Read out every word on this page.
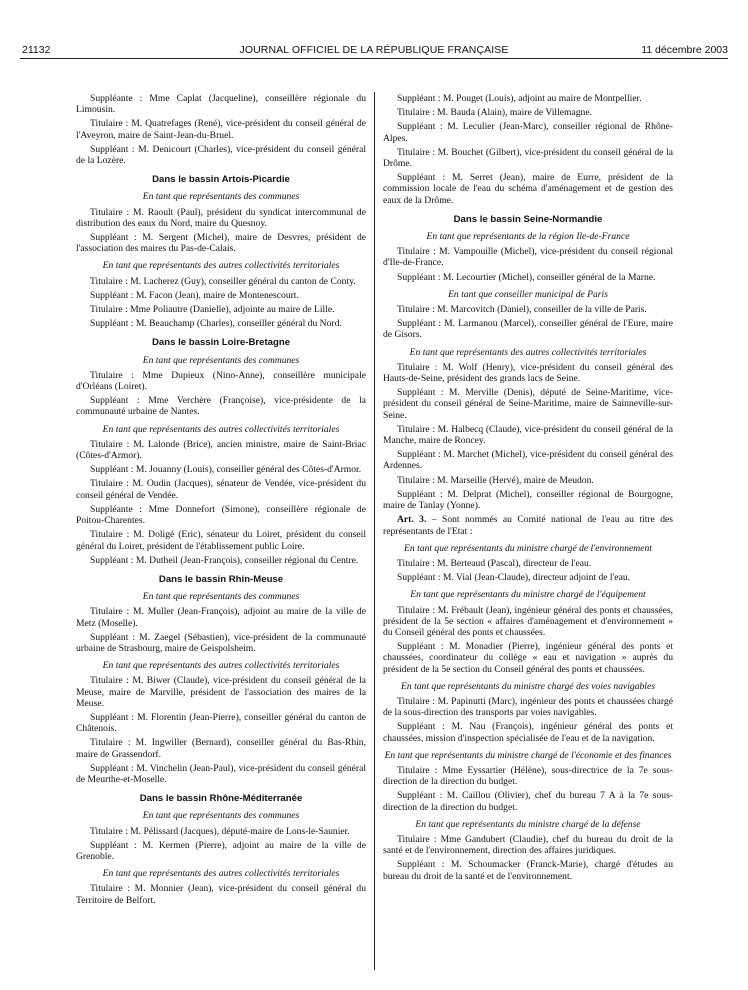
21132	JOURNAL OFFICIEL DE LA RÉPUBLIQUE FRANÇAISE	11 décembre 2003
Suppléante : Mme Caplat (Jacqueline), conseillère régionale du Limousin.
Titulaire : M. Quatrefages (René), vice-président du conseil général de l'Aveyron, maire de Saint-Jean-du-Bruel.
Suppléant : M. Denicourt (Charles), vice-président du conseil général de la Lozère.
Dans le bassin Artois-Picardie
En tant que représentants des communes
Titulaire : M. Raoult (Paul), président du syndicat intercommunal de distribution des eaux du Nord, maire du Quesnoy.
Suppléant : M. Sergent (Michel), maire de Desvres, président de l'association des maires du Pas-de-Calais.
En tant que représentants des autres collectivités territoriales
Titulaire : M. Lacherez (Guy), conseiller général du canton de Conty.
Suppléant : M. Facon (Jean), maire de Montenescourt.
Titulaire : Mme Poliautre (Danielle), adjointe au maire de Lille.
Suppléant : M. Beauchamp (Charles), conseiller général du Nord.
Dans le bassin Loire-Bretagne
En tant que représentants des communes
Titulaire : Mme Dupieux (Nino-Anne), conseillère municipale d'Orléans (Loiret).
Suppléant : Mme Verchère (Françoise), vice-présidente de la communauté urbaine de Nantes.
En tant que représentants des autres collectivités territoriales
Titulaire : M. Lalonde (Brice), ancien ministre, maire de Saint-Briac (Côtes-d'Armor).
Suppléant : M. Jouanny (Louis), conseiller général des Côtes-d'Armor.
Titulaire : M. Oudin (Jacques), sénateur de Vendée, vice-président du conseil général de Vendée.
Suppléante : Mme Donnefort (Simone), conseillère régionale de Poitou-Charentes.
Titulaire : M. Doligé (Eric), sénateur du Loiret, président du conseil général du Loiret, président de l'établissement public Loire.
Suppléant : M. Dutheil (Jean-François), conseiller régional du Centre.
Dans le bassin Rhin-Meuse
En tant que représentants des communes
Titulaire : M. Muller (Jean-François), adjoint au maire de la ville de Metz (Moselle).
Suppléant : M. Zaegel (Sébastien), vice-président de la communauté urbaine de Strasbourg, maire de Geispolsheim.
En tant que représentants des autres collectivités territoriales
Titulaire : M. Biwer (Claude), vice-président du conseil général de la Meuse, maire de Marville, président de l'association des maires de la Meuse.
Suppléant : M. Florentin (Jean-Pierre), conseiller général du canton de Châtenois.
Titulaire : M. Ingwiller (Bernard), conseiller général du Bas-Rhin, maire de Grassendorf.
Suppléant : M. Vinchelin (Jean-Paul), vice-président du conseil général de Meurthe-et-Moselle.
Dans le bassin Rhône-Méditerranée
En tant que représentants des communes
Titulaire : M. Pélissard (Jacques), député-maire de Lons-le-Saunier.
Suppléant : M. Kermen (Pierre), adjoint au maire de la ville de Grenoble.
En tant que représentants des autres collectivités territoriales
Titulaire : M. Monnier (Jean), vice-président du conseil général du Territoire de Belfort.
Suppléant : M. Pouget (Louis), adjoint au maire de Montpellier.
Titulaire : M. Bauda (Alain), maire de Villemagne.
Suppléant : M. Leculier (Jean-Marc), conseiller régional de Rhône-Alpes.
Titulaire : M. Bouchet (Gilbert), vice-président du conseil général de la Drôme.
Suppléant : M. Serret (Jean), maire de Eurre, président de la commission locale de l'eau du schéma d'aménagement et de gestion des eaux de la Drôme.
Dans le bassin Seine-Normandie
En tant que représentants de la région Ile-de-France
Titulaire : M. Vampouille (Michel), vice-président du conseil régional d'Ile-de-France.
Suppléant : M. Lecourtier (Michel), conseiller général de la Marne.
En tant que conseiller municipal de Paris
Titulaire : M. Marcovitch (Daniel), conseiller de la ville de Paris.
Suppléant : M. Larmanou (Marcel), conseiller général de l'Eure, maire de Gisors.
En tant que représentants des autres collectivités territoriales
Titulaire : M. Wolf (Henry), vice-président du conseil général des Hauts-de-Seine, président des grands lacs de Seine.
Suppléant : M. Merville (Denis), député de Seine-Maritime, vice-président du conseil général de Seine-Maritime, maire de Sainneville-sur-Seine.
Titulaire : M. Halbecq (Claude), vice-président du conseil général de la Manche, maire de Roncey.
Suppléant : M. Marchet (Michel), vice-président du conseil général des Ardennes.
Titulaire : M. Marseille (Hervé), maire de Meudon.
Suppléant : M. Delprat (Michel), conseiller régional de Bourgogne, maire de Tanlay (Yonne).
Art. 3. – Sont nommés au Comité national de l'eau au titre des représentants de l'Etat :
En tant que représentants du ministre chargé de l'environnement
Titulaire : M. Berteaud (Pascal), directeur de l'eau.
Suppléant : M. Vial (Jean-Claude), directeur adjoint de l'eau.
En tant que représentants du ministre chargé de l'équipement
Titulaire : M. Frébault (Jean), ingénieur général des ponts et chaussées, président de la 5e section « affaires d'aménagement et d'environnement » du Conseil général des ponts et chaussées.
Suppléant : M. Monadier (Pierre), ingénieur général des ponts et chaussées, coordinateur du collège « eau et navigation » auprès du président de la 5e section du Conseil général des ponts et chaussées.
En tant que représentants du ministre chargé des voies navigables
Titulaire : M. Papinutti (Marc), ingénieur des ponts et chaussées chargé de la sous-direction des transports par voies navigables.
Suppléant : M. Nau (François), ingénieur général des ponts et chaussées, mission d'inspection spécialisée de l'eau et de la navigation.
En tant que représentants du ministre chargé de l'économie et des finances
Titulaire : Mme Eyssartier (Hélène), sous-directrice de la 7e sous-direction de la direction du budget.
Suppléant : M. Caillou (Olivier), chef du bureau 7 A à la 7e sous-direction de la direction du budget.
En tant que représentants du ministre chargé de la défense
Titulaire : Mme Gandubert (Claudie), chef du bureau du droit de la santé et de l'environnement, direction des affaires juridiques.
Suppléant : M. Schoumacker (Franck-Marie), chargé d'études au bureau du droit de la santé et de l'environnement.
